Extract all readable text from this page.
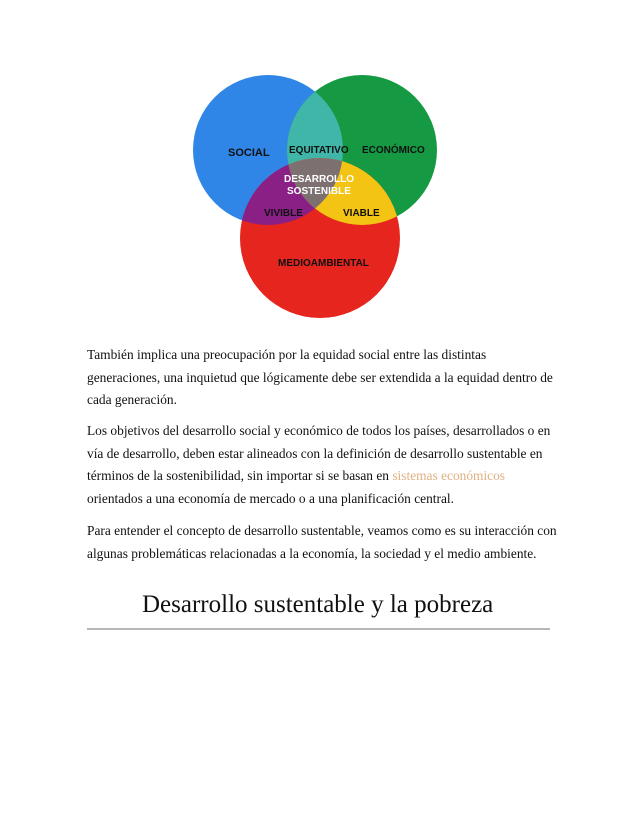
SOCIAL EQUITATIVO ECONÓMICO
DESARROLLO
SOSTENIBLE
VIVIBLE	VIABLE
MEDIOAMBIENTAL

También implica una preocupación por la equidad social entre las distintas generaciones, una inquietud que lógicamente debe ser extendida a la equidad dentro de cada generación.

Los objetivos del desarrollo social y económico de todos los países, desarrollados o en vía de desarrollo, deben estar alineados con la definición de desarrollo sustentable en términos de la sostenibilidad, sin importar si se basan en sistemas económicos orientados a una economía de mercado o a una planificación central.

Para entender el concepto de desarrollo sustentable, veamos como es su interacción con algunas problemáticas relacionadas a la economía, la sociedad y el medio ambiente.

Desarrollo sustentable y la pobreza
